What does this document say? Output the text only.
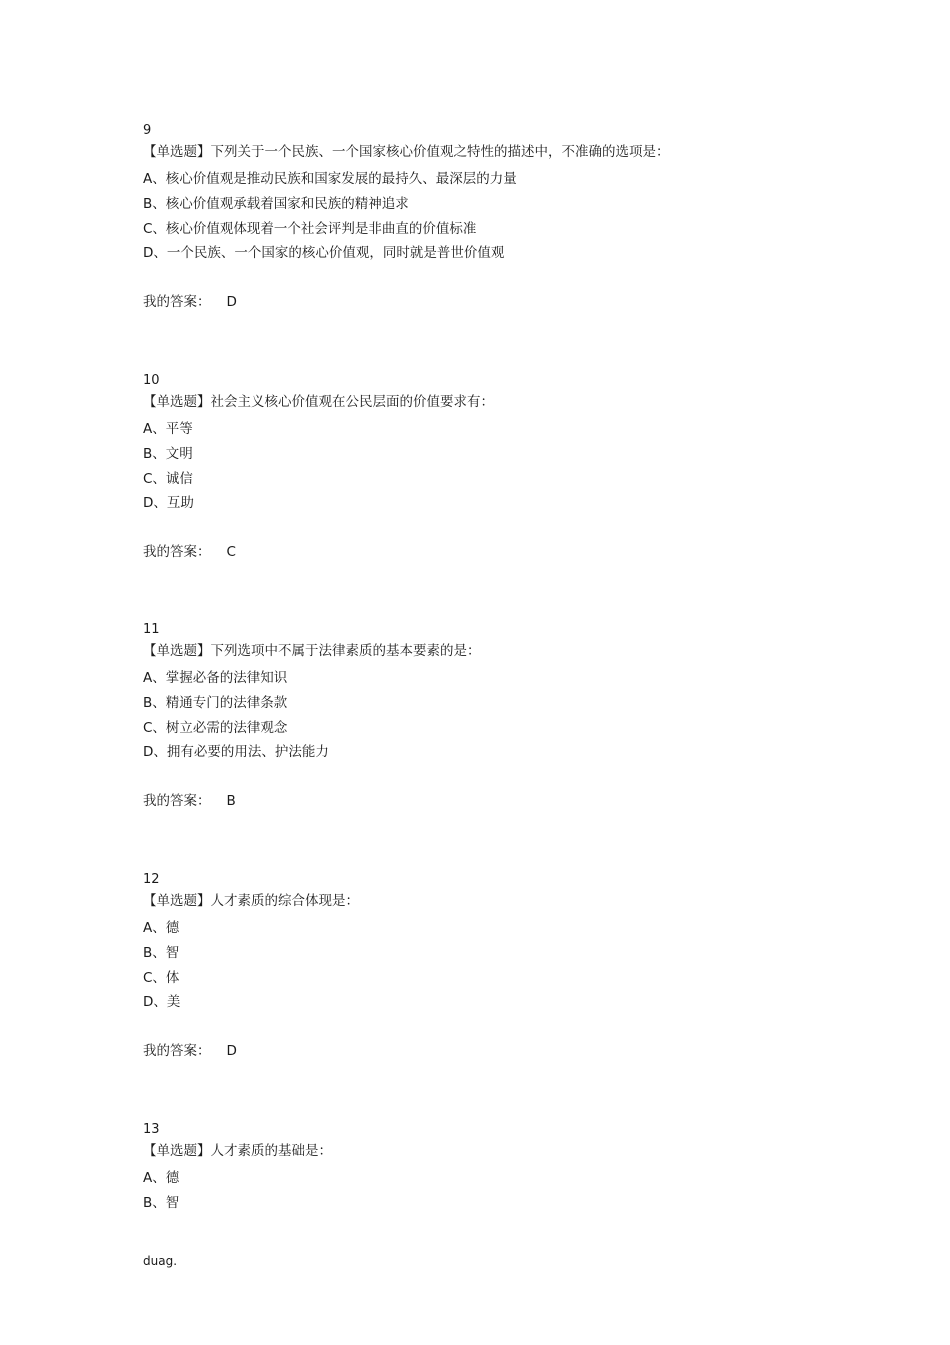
9
【单选题】下列关于一个民族、一个国家核心价值观之特性的描述中，不准确的选项是：
A、核心价值观是推动民族和国家发展的最持久、最深层的力量
B、核心价值观承载着国家和民族的精神追求
C、核心价值观体现着一个社会评判是非曲直的价值标准
D、一个民族、一个国家的核心价值观，同时就是普世价值观
我的答案： D
10
【单选题】社会主义核心价值观在公民层面的价值要求有：
A、平等
B、文明
C、诚信
D、互助
我的答案： C
11
【单选题】下列选项中不属于法律素质的基本要素的是：
A、掌握必备的法律知识
B、精通专门的法律条款
C、树立必需的法律观念
D、拥有必要的用法、护法能力
我的答案： B
12
【单选题】人才素质的综合体现是：
A、德
B、智
C、体
D、美
我的答案： D
13
【单选题】人才素质的基础是：
A、德
B、智
duag.
